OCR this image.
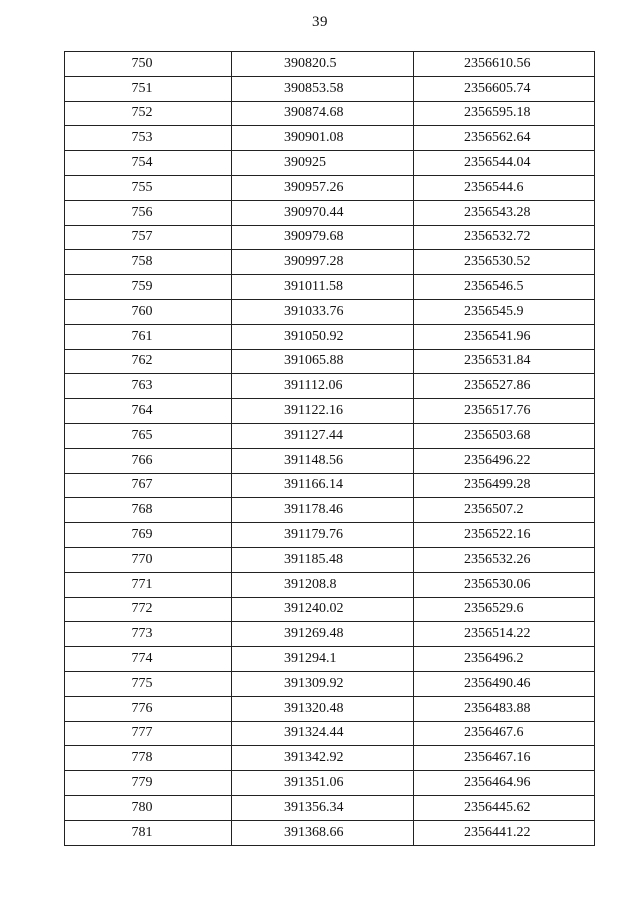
39
750	390820.5	2356610.56
751	390853.58	2356605.74
752	390874.68	2356595.18
753	390901.08	2356562.64
754	390925	2356544.04
755	390957.26	2356544.6
756	390970.44	2356543.28
757	390979.68	2356532.72
758	390997.28	2356530.52
759	391011.58	2356546.5
760	391033.76	2356545.9
761	391050.92	2356541.96
762	391065.88	2356531.84
763	391112.06	2356527.86
764	391122.16	2356517.76
765	391127.44	2356503.68
766	391148.56	2356496.22
767	391166.14	2356499.28
768	391178.46	2356507.2
769	391179.76	2356522.16
770	391185.48	2356532.26
771	391208.8	2356530.06
772	391240.02	2356529.6
773	391269.48	2356514.22
774	391294.1	2356496.2
775	391309.92	2356490.46
776	391320.48	2356483.88
777	391324.44	2356467.6
778	391342.92	2356467.16
779	391351.06	2356464.96
780	391356.34	2356445.62
781	391368.66	2356441.22
